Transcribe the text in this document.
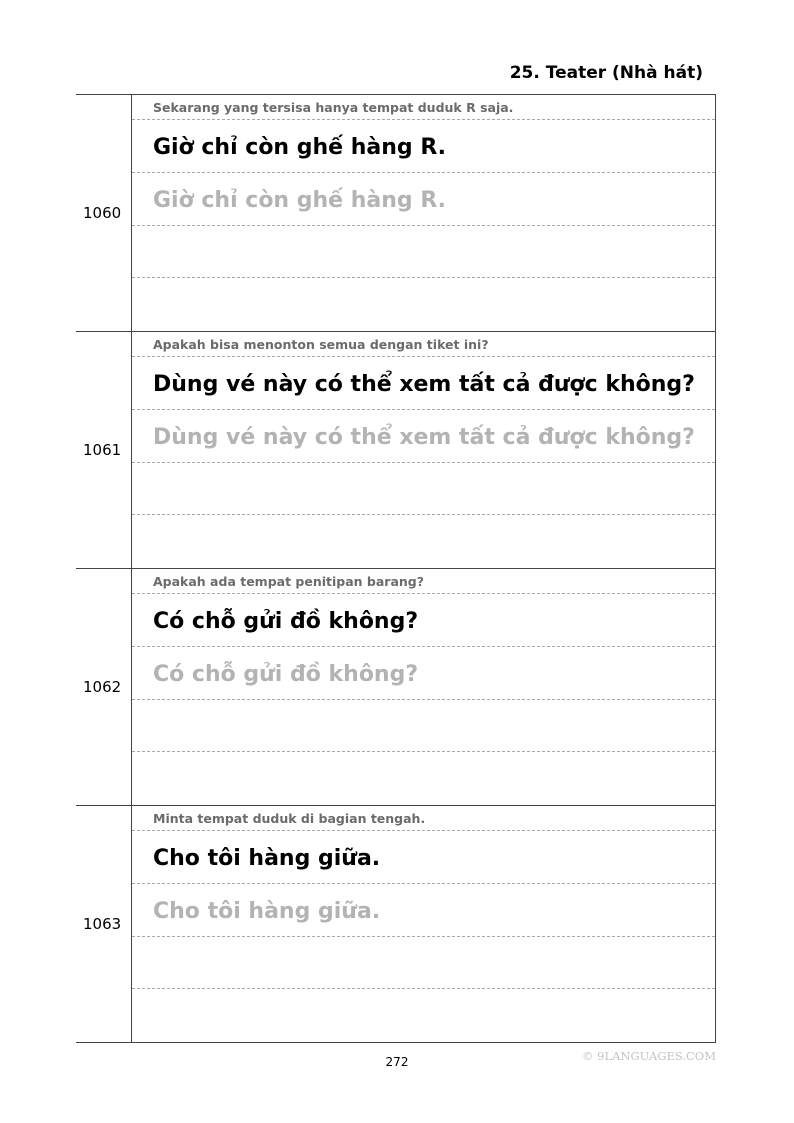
25. Teater (Nhà hát)
1060
Sekarang yang tersisa hanya tempat duduk R saja.
Giờ chỉ còn ghế hàng R.
Giờ chỉ còn ghế hàng R.
1061
Apakah bisa menonton semua dengan tiket ini?
Dùng vé này có thể xem tất cả được không?
Dùng vé này có thể xem tất cả được không?
1062
Apakah ada tempat penitipan barang?
Có chỗ gửi đồ không?
Có chỗ gửi đồ không?
1063
Minta tempat duduk di bagian tengah.
Cho tôi hàng giữa.
Cho tôi hàng giữa.
272	© 9LANGUAGES.COM
